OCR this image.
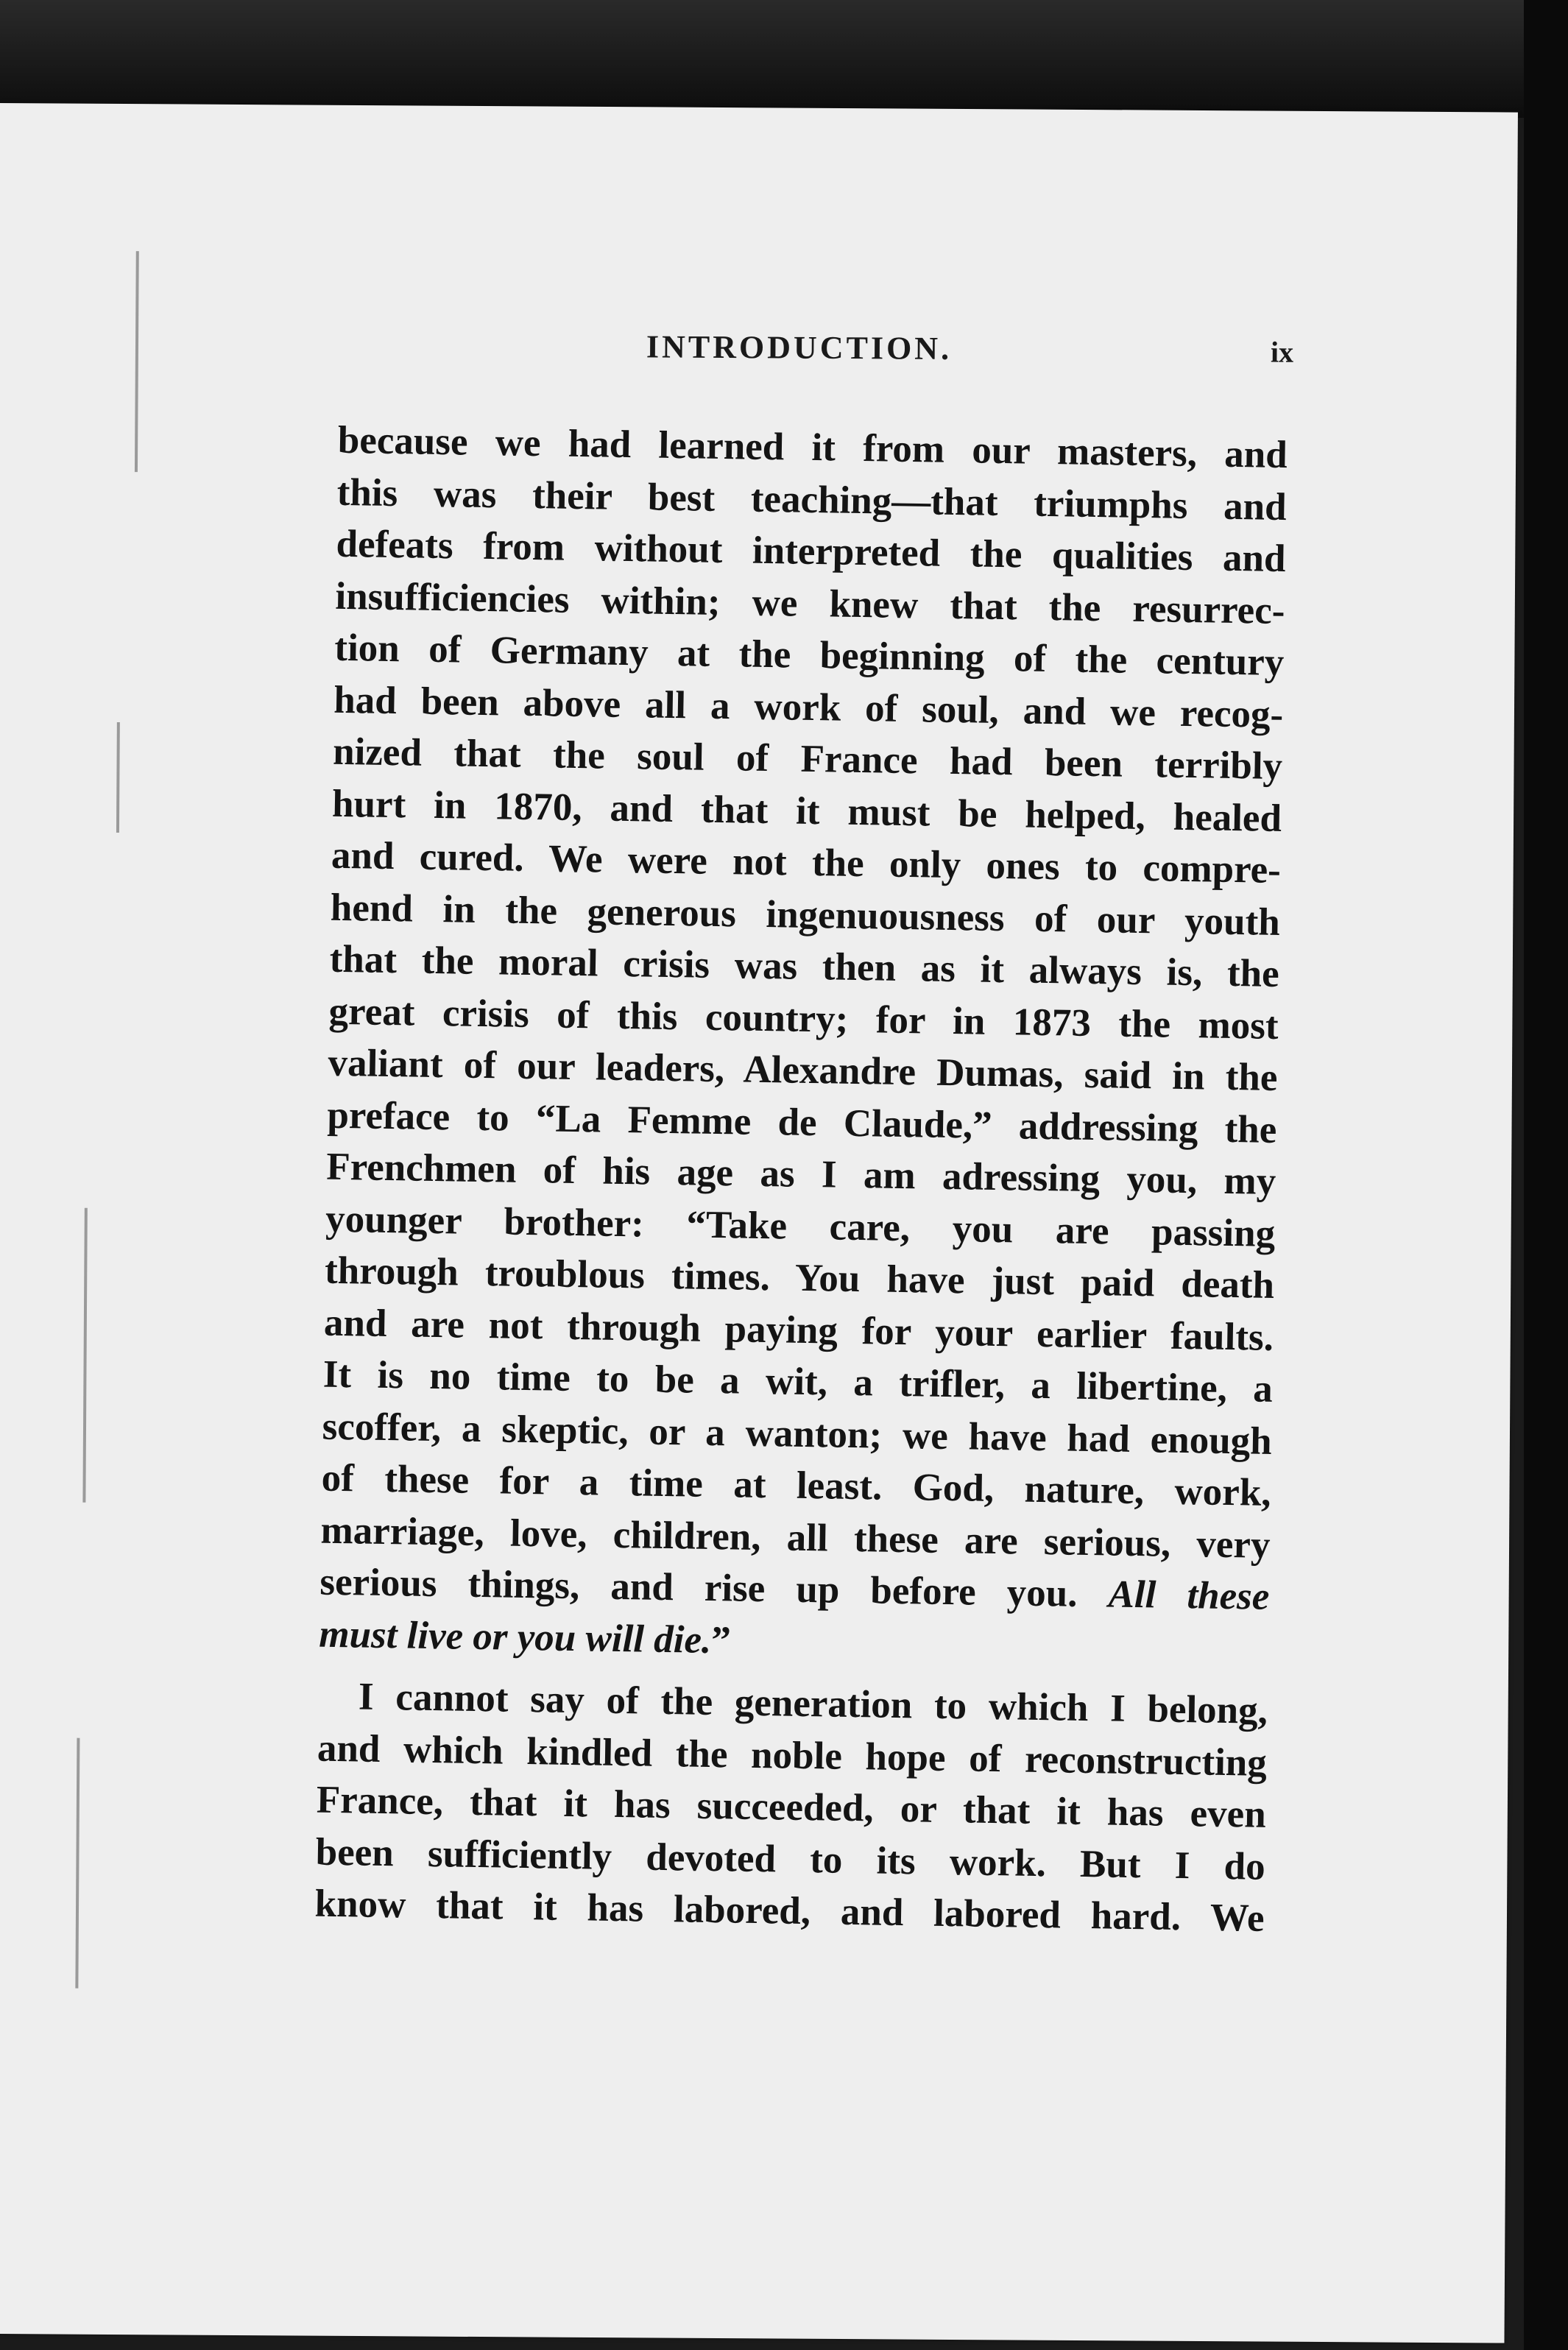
INTRODUCTION.	ix
because we had learned it from our masters, and
this was their best teaching—that triumphs and
defeats from without interpreted the qualities and
insufficiencies within; we knew that the resurrec-
tion of Germany at the beginning of the century
had been above all a work of soul, and we recog-
nized that the soul of France had been terribly
hurt in 1870, and that it must be helped, healed
and cured. We were not the only ones to compre-
hend in the generous ingenuousness of our youth
that the moral crisis was then as it always is, the
great crisis of this country; for in 1873 the most
valiant of our leaders, Alexandre Dumas, said in the
preface to “La Femme de Claude,” addressing the
Frenchmen of his age as I am adressing you, my
younger brother: “Take care, you are passing
through troublous times. You have just paid death
and are not through paying for your earlier faults.
It is no time to be a wit, a trifler, a libertine, a
scoffer, a skeptic, or a wanton; we have had enough
of these for a time at least. God, nature, work,
marriage, love, children, all these are serious, very
serious things, and rise up before you. All these
must live or you will die.”
I cannot say of the generation to which I belong,
and which kindled the noble hope of reconstructing
France, that it has succeeded, or that it has even
been sufficiently devoted to its work. But I do
know that it has labored, and labored hard. We
